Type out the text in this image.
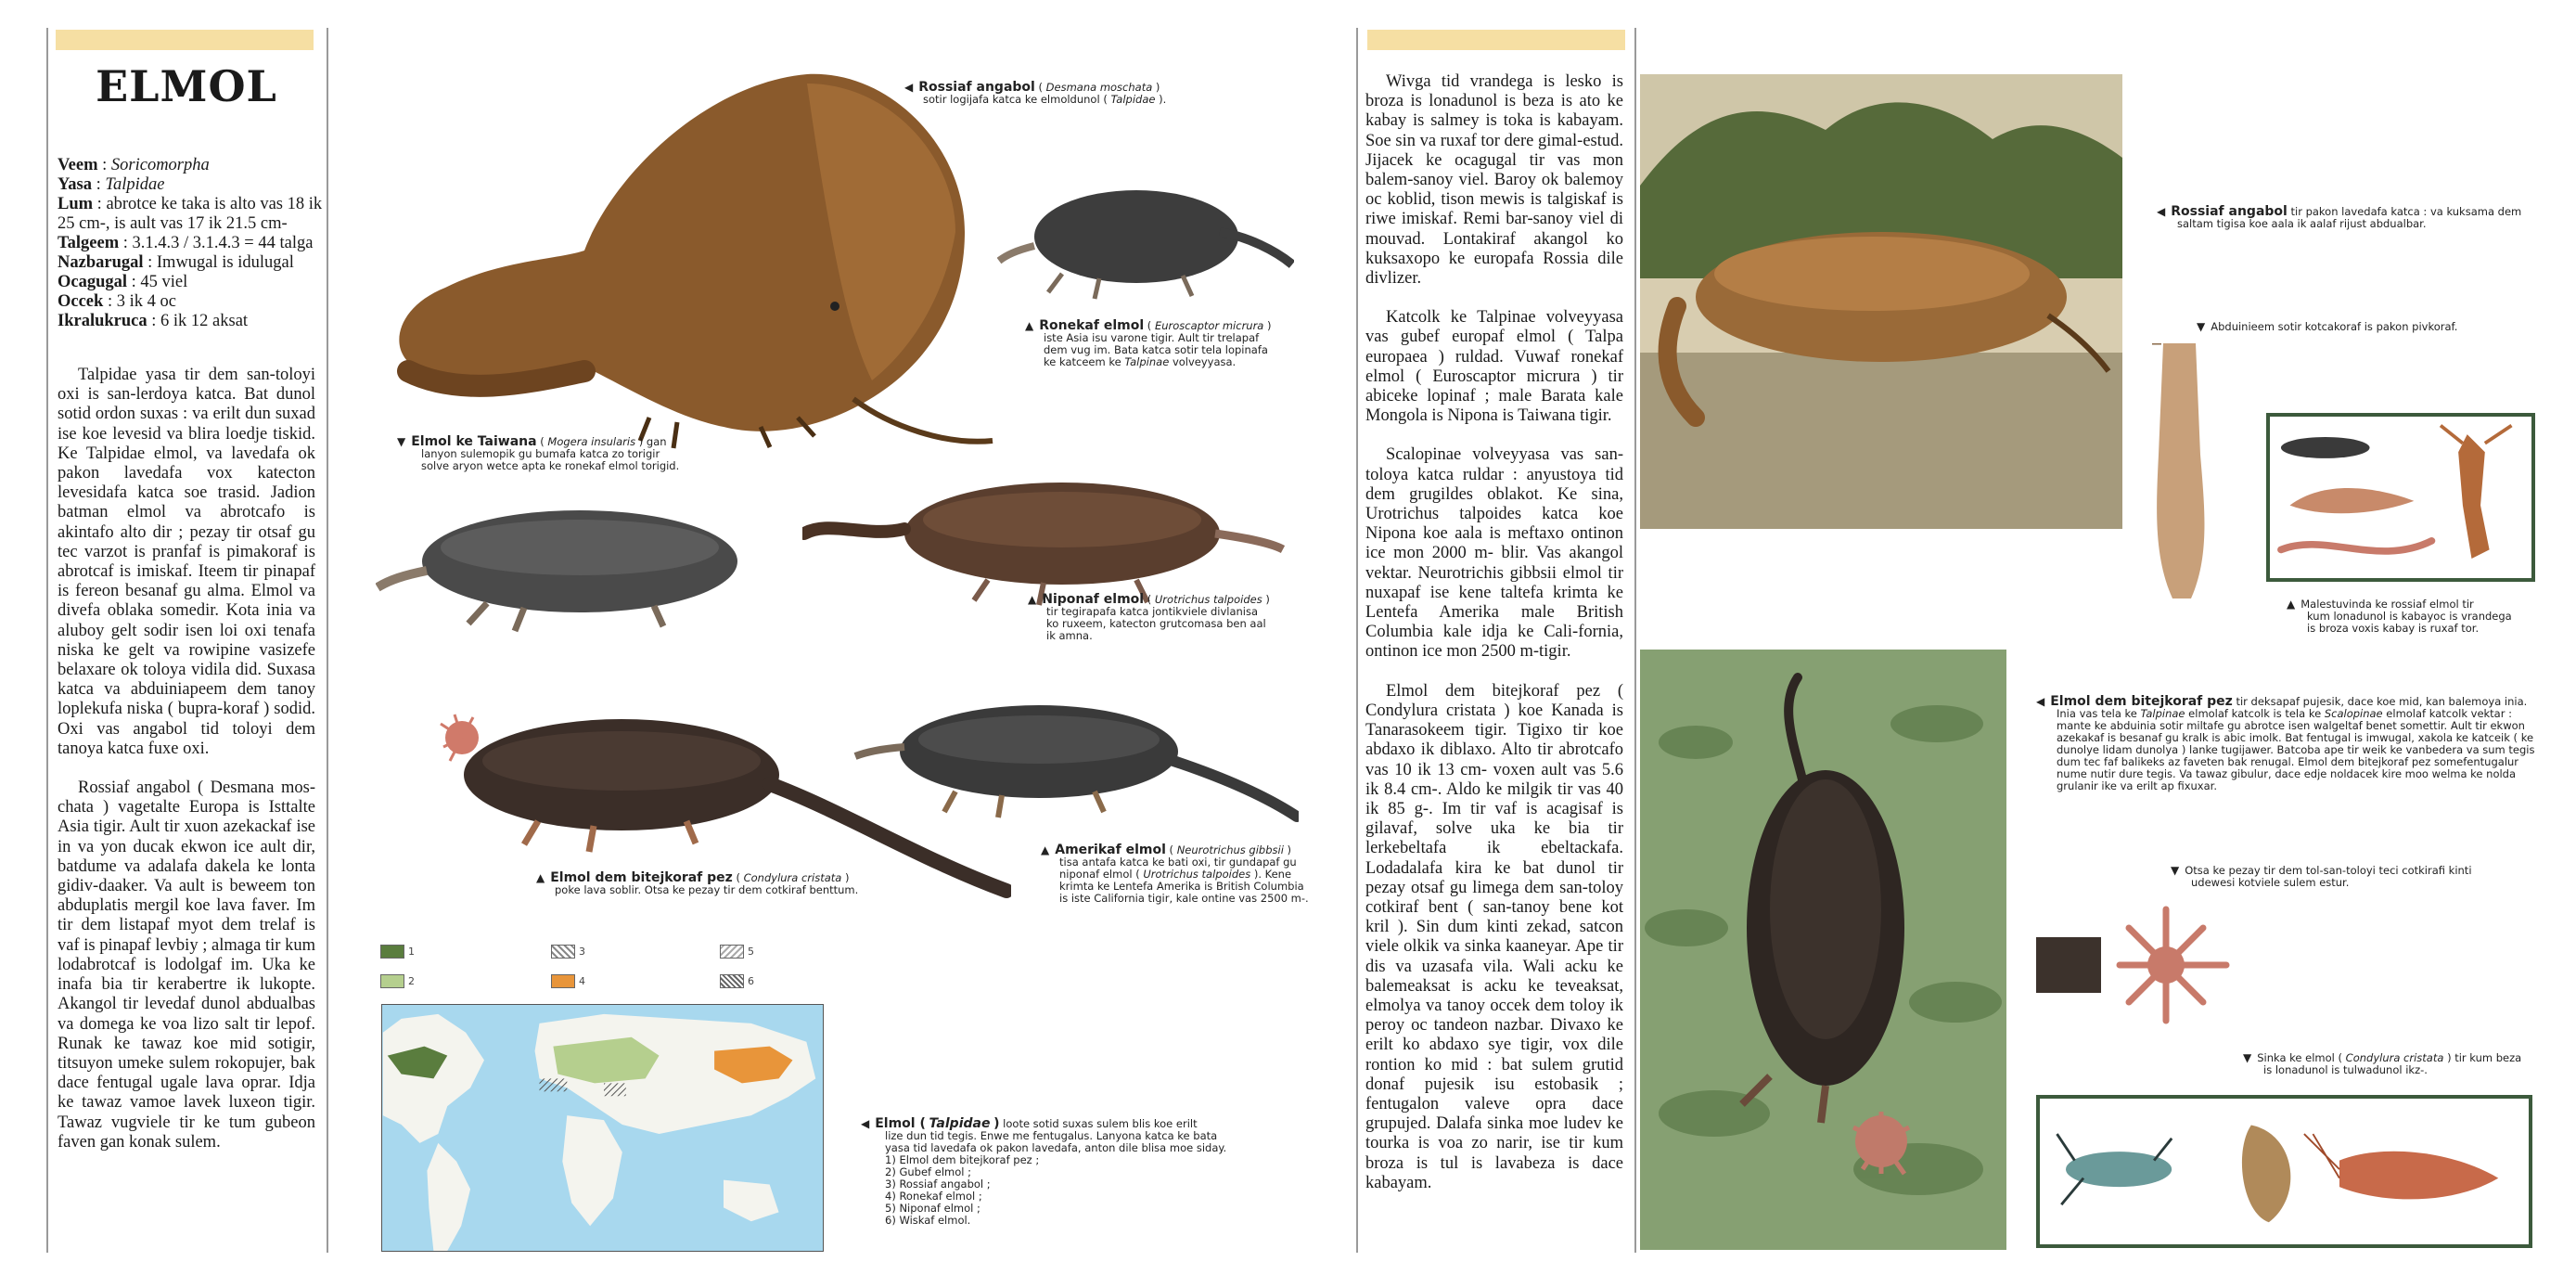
ELMOL
Veem : Soricomorpha
Yasa : Talpidae
Lum : abrotce ke taka is alto vas 18 ik 25 cm-, is ault vas 17 ik 21.5 cm-
Talgeem : 3.1.4.3 / 3.1.4.3 = 44 talga
Nazbarugal : Imwugal is idulugal
Ocagugal : 45 viel
Occek : 3 ik 4 oc
Ikralukruca : 6 ik 12 aksat

Talpidae yasa tir dem san-toloyi oxi is san-lerdoya katca. Bat dunol sotid ordon suxas : va erilt dun suxad ise koe levesid va blira loedje tiskid. Ke Talpidae elmol, va lavedafa ok pakon lavedafa vox katecton levesidafa katca soe trasid. Jadion batman elmol va abrotcafo is akintafo alto dir ; pezay tir otsaf gu tec varzot is pranfaf is pimakoraf is abrotcaf is imiskaf. Iteem tir pinapaf is fereon besanaf gu alma. Elmol va divefa oblaka somedir. Kota inia va aluboy gelt sodir isen loi oxi tenafa niska ke gelt va rowipine vasizefe belaxare ok toloya vidila did. Suxasa katca va abduiniapeem dem tanoy loplekufa niska ( bupra-koraf ) sodid. Oxi vas angabol tid toloyi dem tanoya katca fuxe oxi.

Rossiaf angabol ( Desmana mos-chata ) vagetalte Europa is Isttalte Asia tigir. Ault tir xuon azekackaf ise in va yon ducak ekwon ice ault dir, batdume va adalafa dakela ke lonta gidiv-daaker. Va ault is beweem ton abduplatis mergil koe lava faver. Im tir dem listapaf myot dem trelaf is vaf is pinapaf levbiy ; almaga tir kum lodabrotcaf is lodolgaf im. Uka ke inafa bia tir kerabertre ik lukopte. Akangol tir levedaf dunol abdualbas va domega ke voa lizo salt tir lepof. Runak ke tawaz koe mid sotigir, titsuyon umeke sulem rokopujer, bak dace fentugal ugale lava oprar. Idja ke tawaz vamoe lavek luxeon tigir. Tawaz vugviele tir ke tum gubeon faven gan konak sulem.

Wivga tid vrandega is lesko is broza is lonadunol is beza is ato ke kabay is salmey is toka is kabayam. Soe sin va ruxaf tor dere gimal-estud. Jijacek ke ocagugal tir vas mon balem-sanoy viel. Baroy ok balemoy oc koblid, tison mewis is talgiskaf is riwe imiskaf. Remi bar-sanoy viel di mouvad. Lontakiraf akangol ko kuksaxopo ke europafa Rossia dile divlizer.

Katcolk ke Talpinae volveyyasa vas gubef europaf elmol ( Talpa europaea ) ruldad. Vuwaf ronekaf elmol ( Euroscaptor micrura ) tir abiceke lopinaf ; male Barata kale Mongola is Nipona is Taiwana tigir.

Scalopinae volveyyasa vas san-toloya katca ruldar : anyustoya tid dem grugildes oblakot. Ke sina, Urotrichus talpoides katca koe Nipona koe aala is meftaxo ontinon ice mon 2000 m- blir. Vas akangol vektar. Neurotrichis gibbsii elmol tir nuxapaf ise kene taltefa krimta ke Lentefa Amerika male British Columbia kale idja ke Cali-fornia, ontinon ice mon 2500 m-tigir.

Elmol dem bitejkoraf pez ( Condylura cristata ) koe Kanada is Tanarasokeem tigir. Tigixo tir koe abdaxo ik diblaxo. Alto tir abrotcafo vas 10 ik 13 cm- voxen ault vas 5.6 ik 8.4 cm-. Aldo ke milgik tir vas 40 ik 85 g-. Im tir vaf is acagisaf is gilavaf, solve uka ke bia tir lerkebeltafa ik ebeltackafa. Lodadalafa kira ke bat dunol tir pezay otsaf gu limega dem san-toloy cotkiraf bent ( san-tanoy bene kot kril ). Sin dum kinti zekad, satcon viele olkik va sinka kaaneyar. Ape tir dis va uzasafa vila. Wali acku ke balemeaksat is acku ke teveaksat, elmolya va tanoy occek dem toloy ik peroy oc tandeon nazbar. Divaxo ke erilt ko abdaxo sye tigir, vox dile rontion ko mid : bat sulem grutid donaf pujesik isu estobasik ; fentugalon valeve opra dace grupujed. Dalafa sinka moe ludev ke tourka is voa zo narir, ise tir kum broza is tul is lavabeza is dace kabayam.

1
2
3
4
5
6
◀ Rossiaf angabol ( Desmana moschata )
sotir logijafa katca ke elmoldunol ( Talpidae ).
▲ Ronekaf elmol ( Euroscaptor micrura )
iste Asia isu varone tigir. Ault tir trelapaf
dem vug im. Bata katca sotir tela lopinafa
ke katceem ke Talpinae volveyyasa.
▼ Elmol ke Taiwana ( Mogera insularis ) gan
lanyon sulemopik gu bumafa katca zo torigir
solve aryon wetce apta ke ronekaf elmol torigid.
▲ Niponaf elmol ( Urotrichus talpoides )
tir tegirapafa katca jontikviele divlanisa
ko ruxeem, katecton grutcomasa ben aal
ik amna.
▲ Elmol dem bitejkoraf pez ( Condylura cristata )
poke lava soblir. Otsa ke pezay tir dem cotkiraf benttum.
▲ Amerikaf elmol ( Neurotrichus gibbsii )
tisa antafa katca ke bati oxi, tir gundapaf gu
niponaf elmol ( Urotrichus talpoides ). Kene
krimta ke Lentefa Amerika is British Columbia
is iste California tigir, kale ontinе vas 2500 m-.
◀ Elmol ( Talpidae ) loote sotid suxas sulem blis koe erilt
lize dun tid tegis. Enwe me fentugalus. Lanyona katca ke bata
yasa tid lavedafa ok pakon lavedafa, anton dile blisa moe siday.
1) Elmol dem bitejkoraf pez ;
2) Gubef elmol ;
3) Rossiaf angabol ;
4) Ronekaf elmol ;
5) Niponaf elmol ;
6) Wiskaf elmol.
◀ Rossiaf angabol tir pakon lavedafa katca : va kuksama dem
saltam tigisa koe aala ik aalaf rijust abdualbar.
▼ Abduinieem sotir kotcakoraf is pakon pivkoraf.
▲ Malestuvinda ke rossiaf elmol tir
kum lonadunol is kabayoc is vrandega
is broza voxis kabay is ruxaf tor.
◀ Elmol dem bitejkoraf pez tir deksapaf pujesik, dace koe mid, kan balemoya inia.
Inia vas tela ke Talpinae elmolaf katcolk is tela ke Scalopinae elmolaf katcolk vektar :
mante ke abduinia sotir miltafe gu abrotce isen walgeltaf benet somettir. Ault tir ekwon
azekakaf is besanaf gu kralk is abic imolk. Bat fentugal is imwugal, xakola ke katceik ( ke
dunolye lidam dunolya ) lanke tugijawer. Batcoba ape tir weik ke vanbedera va sum tegis
dum tec faf balikeks az faveten bak renugal. Elmol dem bitejkoraf pez somefentugalur
nume nutir dure tegis. Va tawaz gibulur, dace edje noldacek kire moo welma ke nolda
grulanir ike va erilt ap fixuxar.
▼ Otsa ke pezay tir dem tol-san-toloyi teci cotkirafi kinti
udewesi kotviele sulem estur.
▼ Sinka ke elmol ( Condylura cristata ) tir kum beza
is lonadunol is tulwadunol ikz-.
